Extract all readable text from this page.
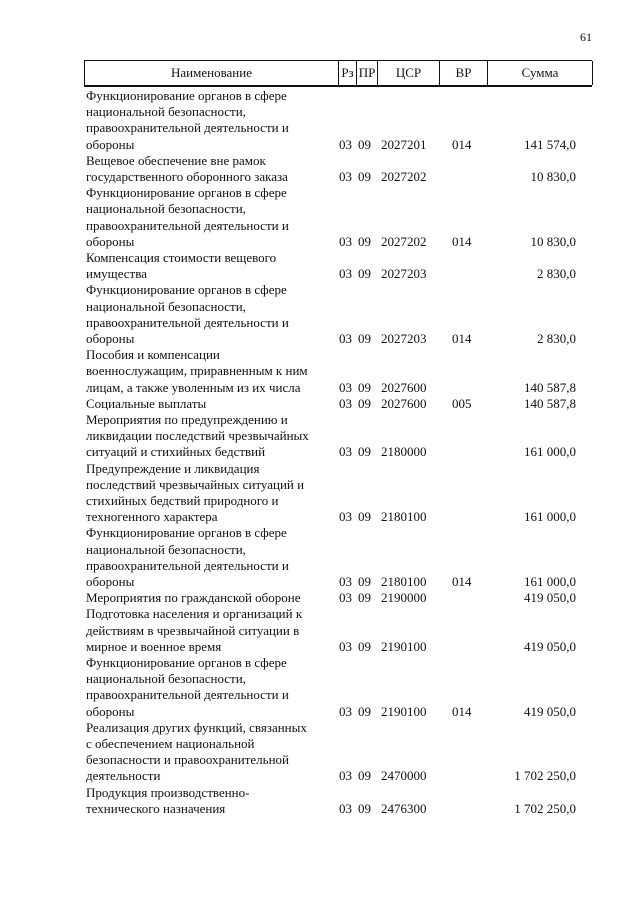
61
Наименование	Рз ПР	ЦСР	ВР	Сумма
Функционирование органов в сфере
национальной безопасности,
правоохранительной деятельности и
обороны	03 09 2027201	014	141 574,0
Вещевое обеспечение вне рамок
государственного оборонного заказа	03 09 2027202	10 830,0
Функционирование органов в сфере
национальной безопасности,
правоохранительной деятельности и
обороны	03 09 2027202	014	10 830,0
Компенсация стоимости вещевого
имущества	03 09 2027203	2 830,0
Функционирование органов в сфере
национальной безопасности,
правоохранительной деятельности и
обороны	03 09 2027203	014	2 830,0
Пособия и компенсации
военнослужащим, приравненным к ним
лицам, а также уволенным из их числа	03 09 2027600	140 587,8
Социальные выплаты	03 09 2027600	005	140 587,8
Мероприятия по предупреждению и
ликвидации последствий чрезвычайных
ситуаций и стихийных бедствий	03 09 2180000	161 000,0
Предупреждение и ликвидация
последствий чрезвычайных ситуаций и
стихийных бедствий природного и
техногенного характера	03 09 2180100	161 000,0
Функционирование органов в сфере
национальной безопасности,
правоохранительной деятельности и
обороны	03 09 2180100	014	161 000,0
Мероприятия по гражданской обороне	03 09 2190000	419 050,0
Подготовка населения и организаций к
действиям в чрезвычайной ситуации в
мирное и военное время	03 09 2190100	419 050,0
Функционирование органов в сфере
национальной безопасности,
правоохранительной деятельности и
обороны	03 09 2190100	014	419 050,0
Реализация других функций, связанных
с обеспечением национальной
безопасности и правоохранительной
деятельности	03 09 2470000	1 702 250,0
Продукция производственно-
технического назначения	03 09 2476300	1 702 250,0
